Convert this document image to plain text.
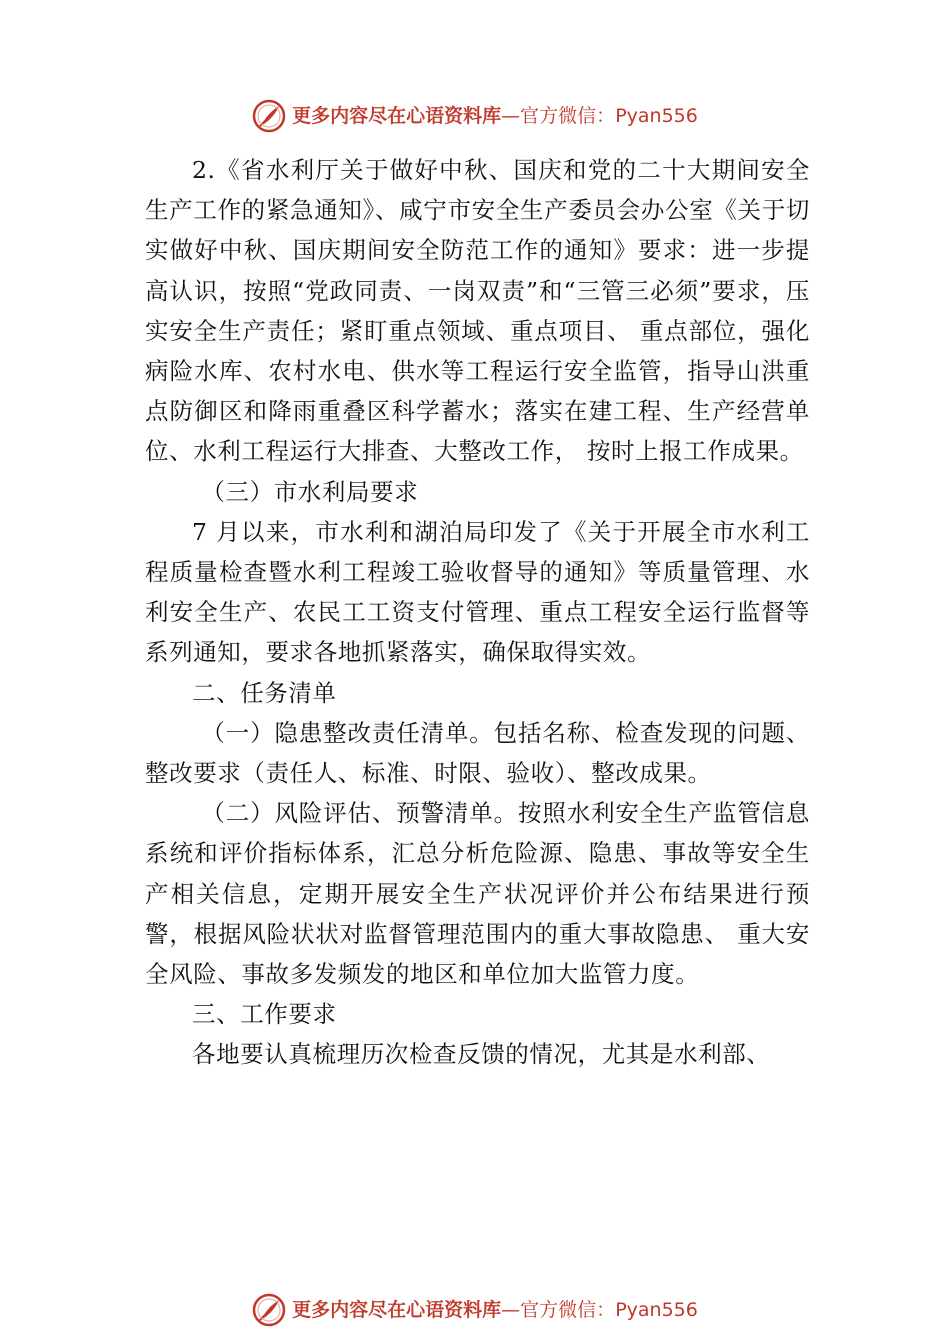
更多内容尽在心语资料库—官方微信：Pyan556

2.《省水利厅关于做好中秋、国庆和党的二十大期间安全生产工作的紧急通知》、咸宁市安全生产委员会办公室《关于切实做好中秋、国庆期间安全防范工作的通知》要求：进一步提高认识，按照“党政同责、一岗双责”和“三管三必须”要求，压实安全生产责任；紧盯重点领域、重点项目、 重点部位，强化病险水库、农村水电、供水等工程运行安全监管，指导山洪重点防御区和降雨重叠区科学蓄水；落实在建工程、生产经营单位、水利工程运行大排查、大整改工作， 按时上报工作成果。

（三）市水利局要求

7 月以来，市水利和湖泊局印发了《关于开展全市水利工程质量检查暨水利工程竣工验收督导的通知》等质量管理、水利安全生产、农民工工资支付管理、重点工程安全运行监督等系列通知，要求各地抓紧落实，确保取得实效。

二、任务清单

（一）隐患整改责任清单。包括名称、检查发现的问题、整改要求（责任人、标准、时限、验收）、整改成果。

（二）风险评估、预警清单。按照水利安全生产监管信息系统和评价指标体系，汇总分析危险源、隐患、事故等安全生产相关信息，定期开展安全生产状况评价并公布结果进行预警，根据风险状状对监督管理范围内的重大事故隐患、 重大安全风险、事故多发频发的地区和单位加大监管力度。

三、工作要求

各地要认真梳理历次检查反馈的情况，尤其是水利部、

更多内容尽在心语资料库—官方微信：Pyan556
